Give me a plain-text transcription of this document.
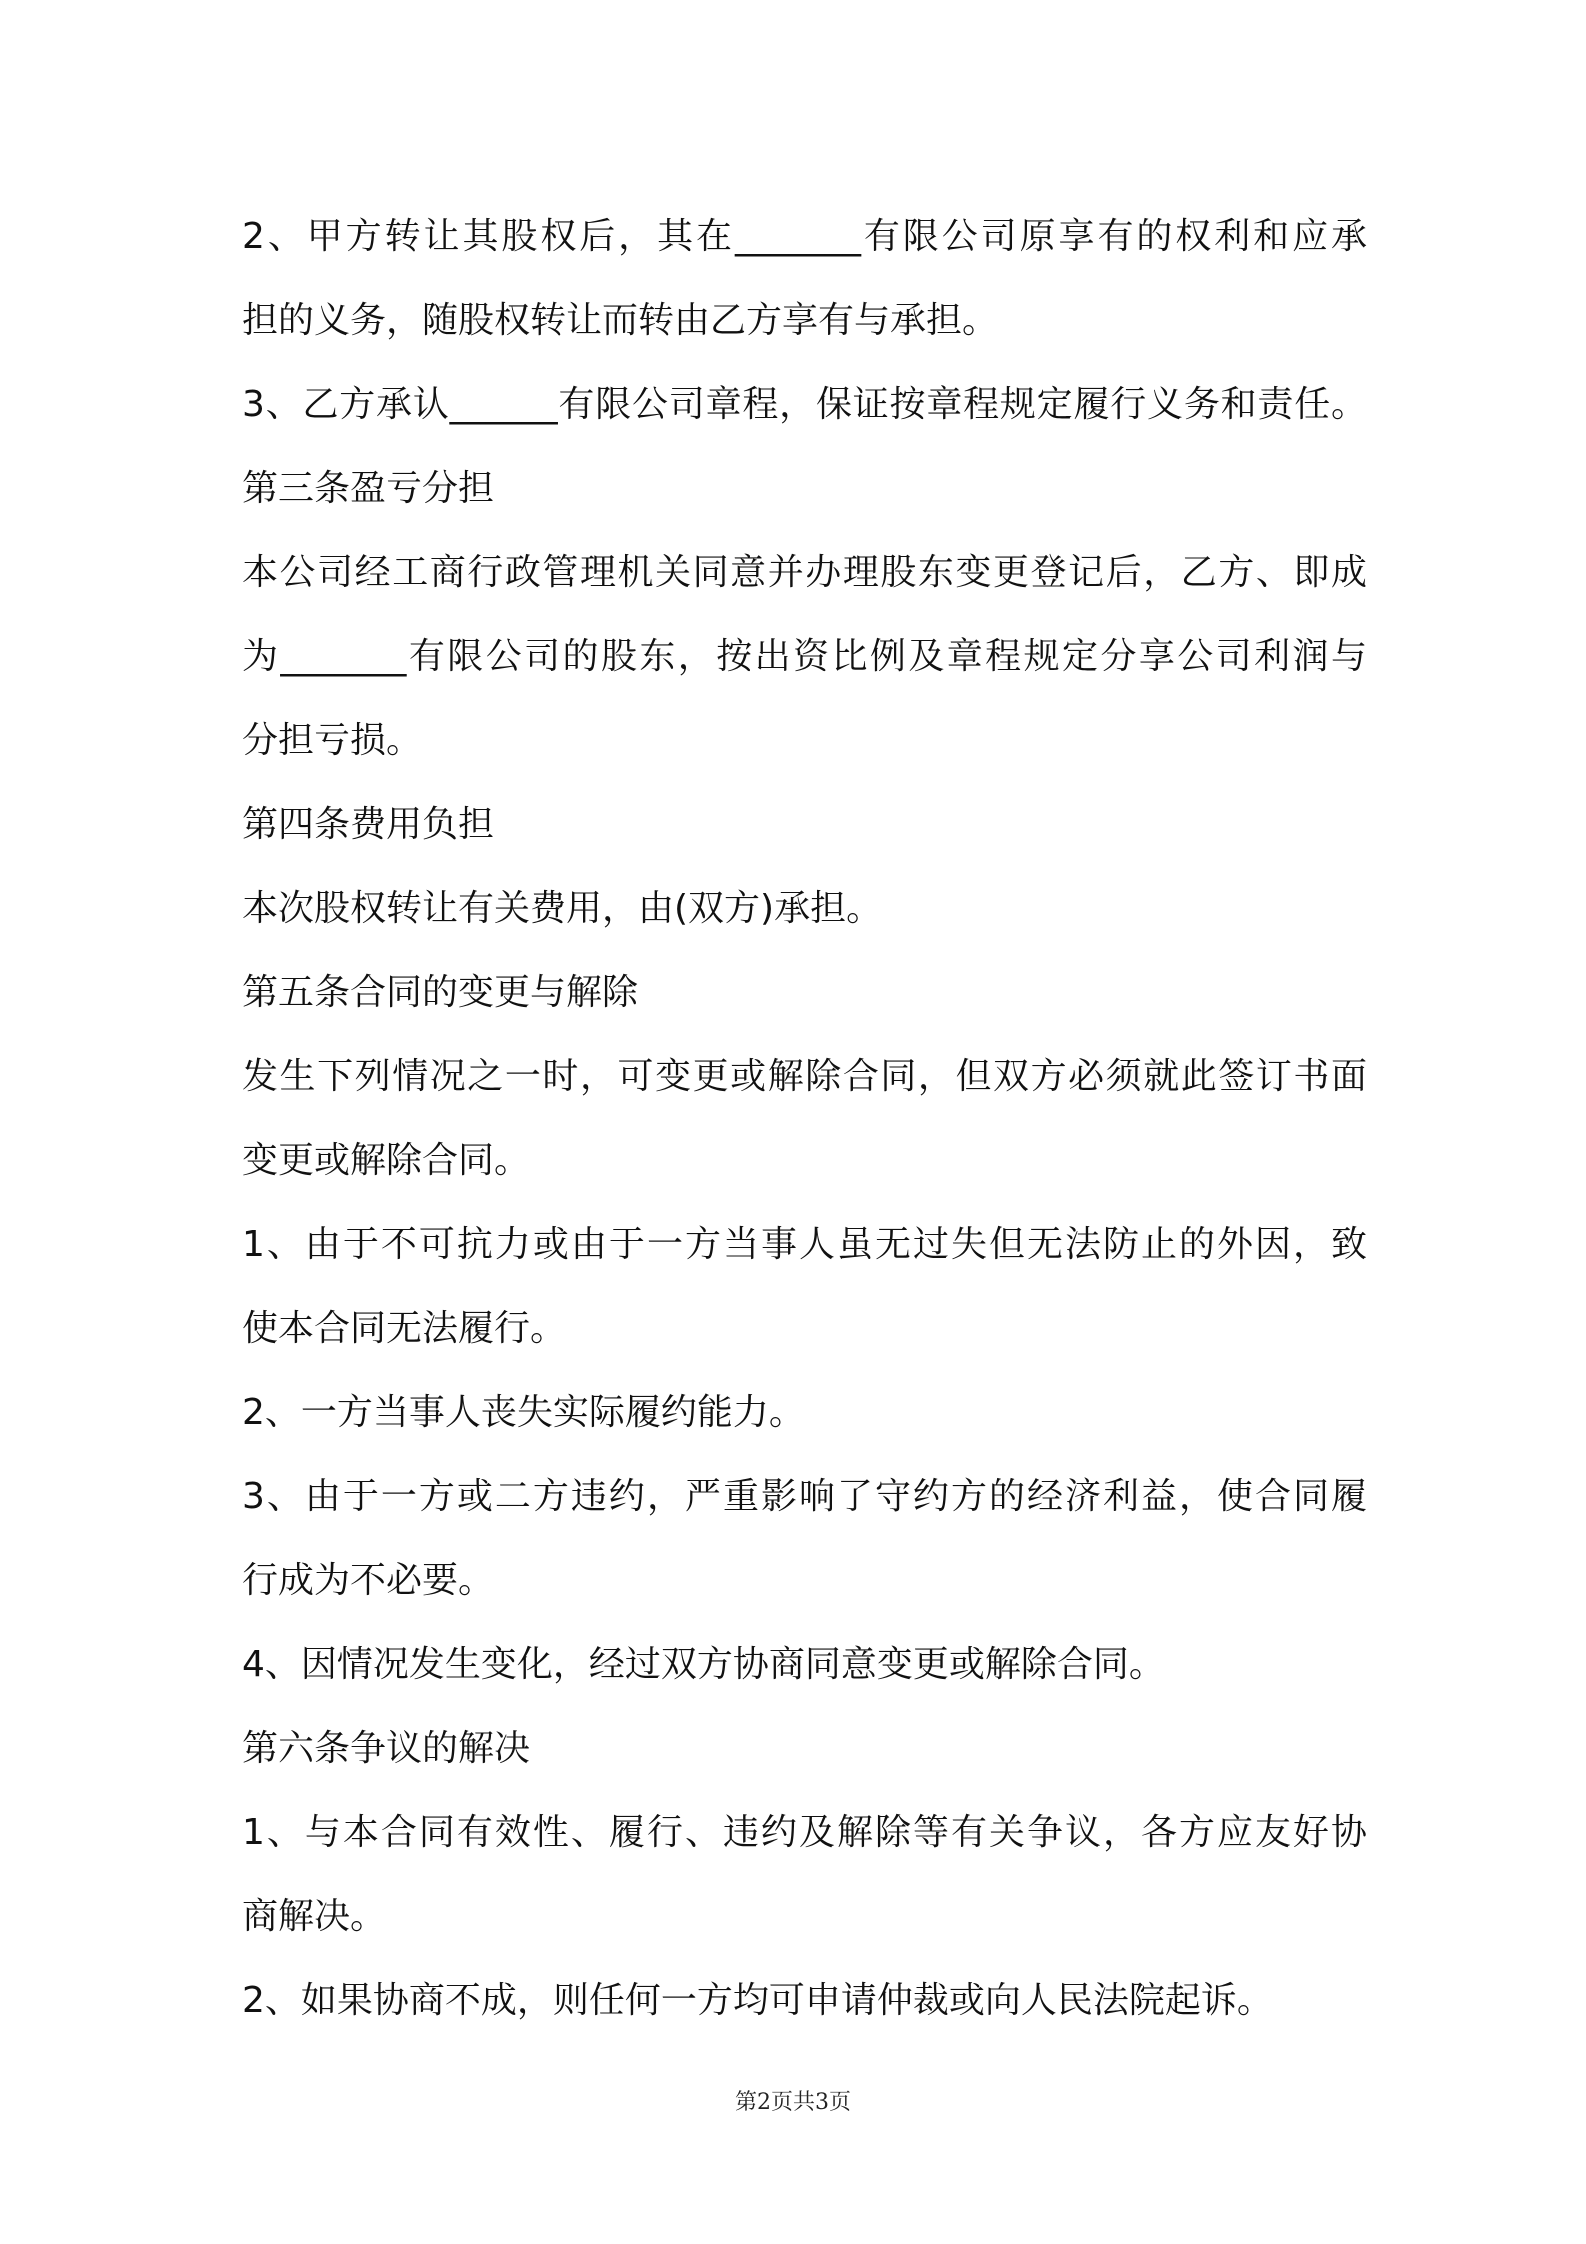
2、甲方转让其股权后，其在_______有限公司原享有的权利和应承
担的义务，随股权转让而转由乙方享有与承担。
3、乙方承认______有限公司章程，保证按章程规定履行义务和责任。
第三条盈亏分担
本公司经工商行政管理机关同意并办理股东变更登记后，乙方、即成
为_______有限公司的股东，按出资比例及章程规定分享公司利润与
分担亏损。
第四条费用负担
本次股权转让有关费用，由(双方)承担。
第五条合同的变更与解除
发生下列情况之一时，可变更或解除合同，但双方必须就此签订书面
变更或解除合同。
1、由于不可抗力或由于一方当事人虽无过失但无法防止的外因，致
使本合同无法履行。
2、一方当事人丧失实际履约能力。
3、由于一方或二方违约，严重影响了守约方的经济利益，使合同履
行成为不必要。
4、因情况发生变化，经过双方协商同意变更或解除合同。
第六条争议的解决
1、与本合同有效性、履行、违约及解除等有关争议，各方应友好协
商解决。
2、如果协商不成，则任何一方均可申请仲裁或向人民法院起诉。
第2页共3页
